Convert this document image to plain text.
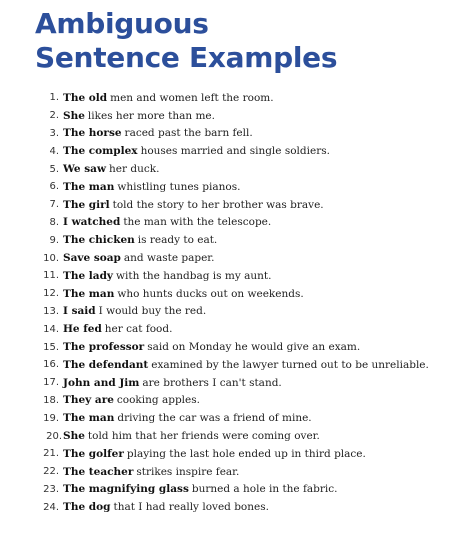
Ambiguous
Sentence Examples
1. The old men and women left the room.
2. She likes her more than me.
3. The horse raced past the barn fell.
4. The complex houses married and single soldiers.
5. We saw her duck.
6. The man whistling tunes pianos.
7. The girl told the story to her brother was brave.
8. I watched the man with the telescope.
9. The chicken is ready to eat.
10. Save soap and waste paper.
11. The lady with the handbag is my aunt.
12. The man who hunts ducks out on weekends.
13. I said I would buy the red.
14. He fed her cat food.
15. The professor said on Monday he would give an exam.
16. The defendant examined by the lawyer turned out to be unreliable.
17. John and Jim are brothers I can't stand.
18. They are cooking apples.
19. The man driving the car was a friend of mine.
20. She told him that her friends were coming over.
21. The golfer playing the last hole ended up in third place.
22. The teacher strikes inspire fear.
23. The magnifying glass burned a hole in the fabric.
24. The dog that I had really loved bones.
